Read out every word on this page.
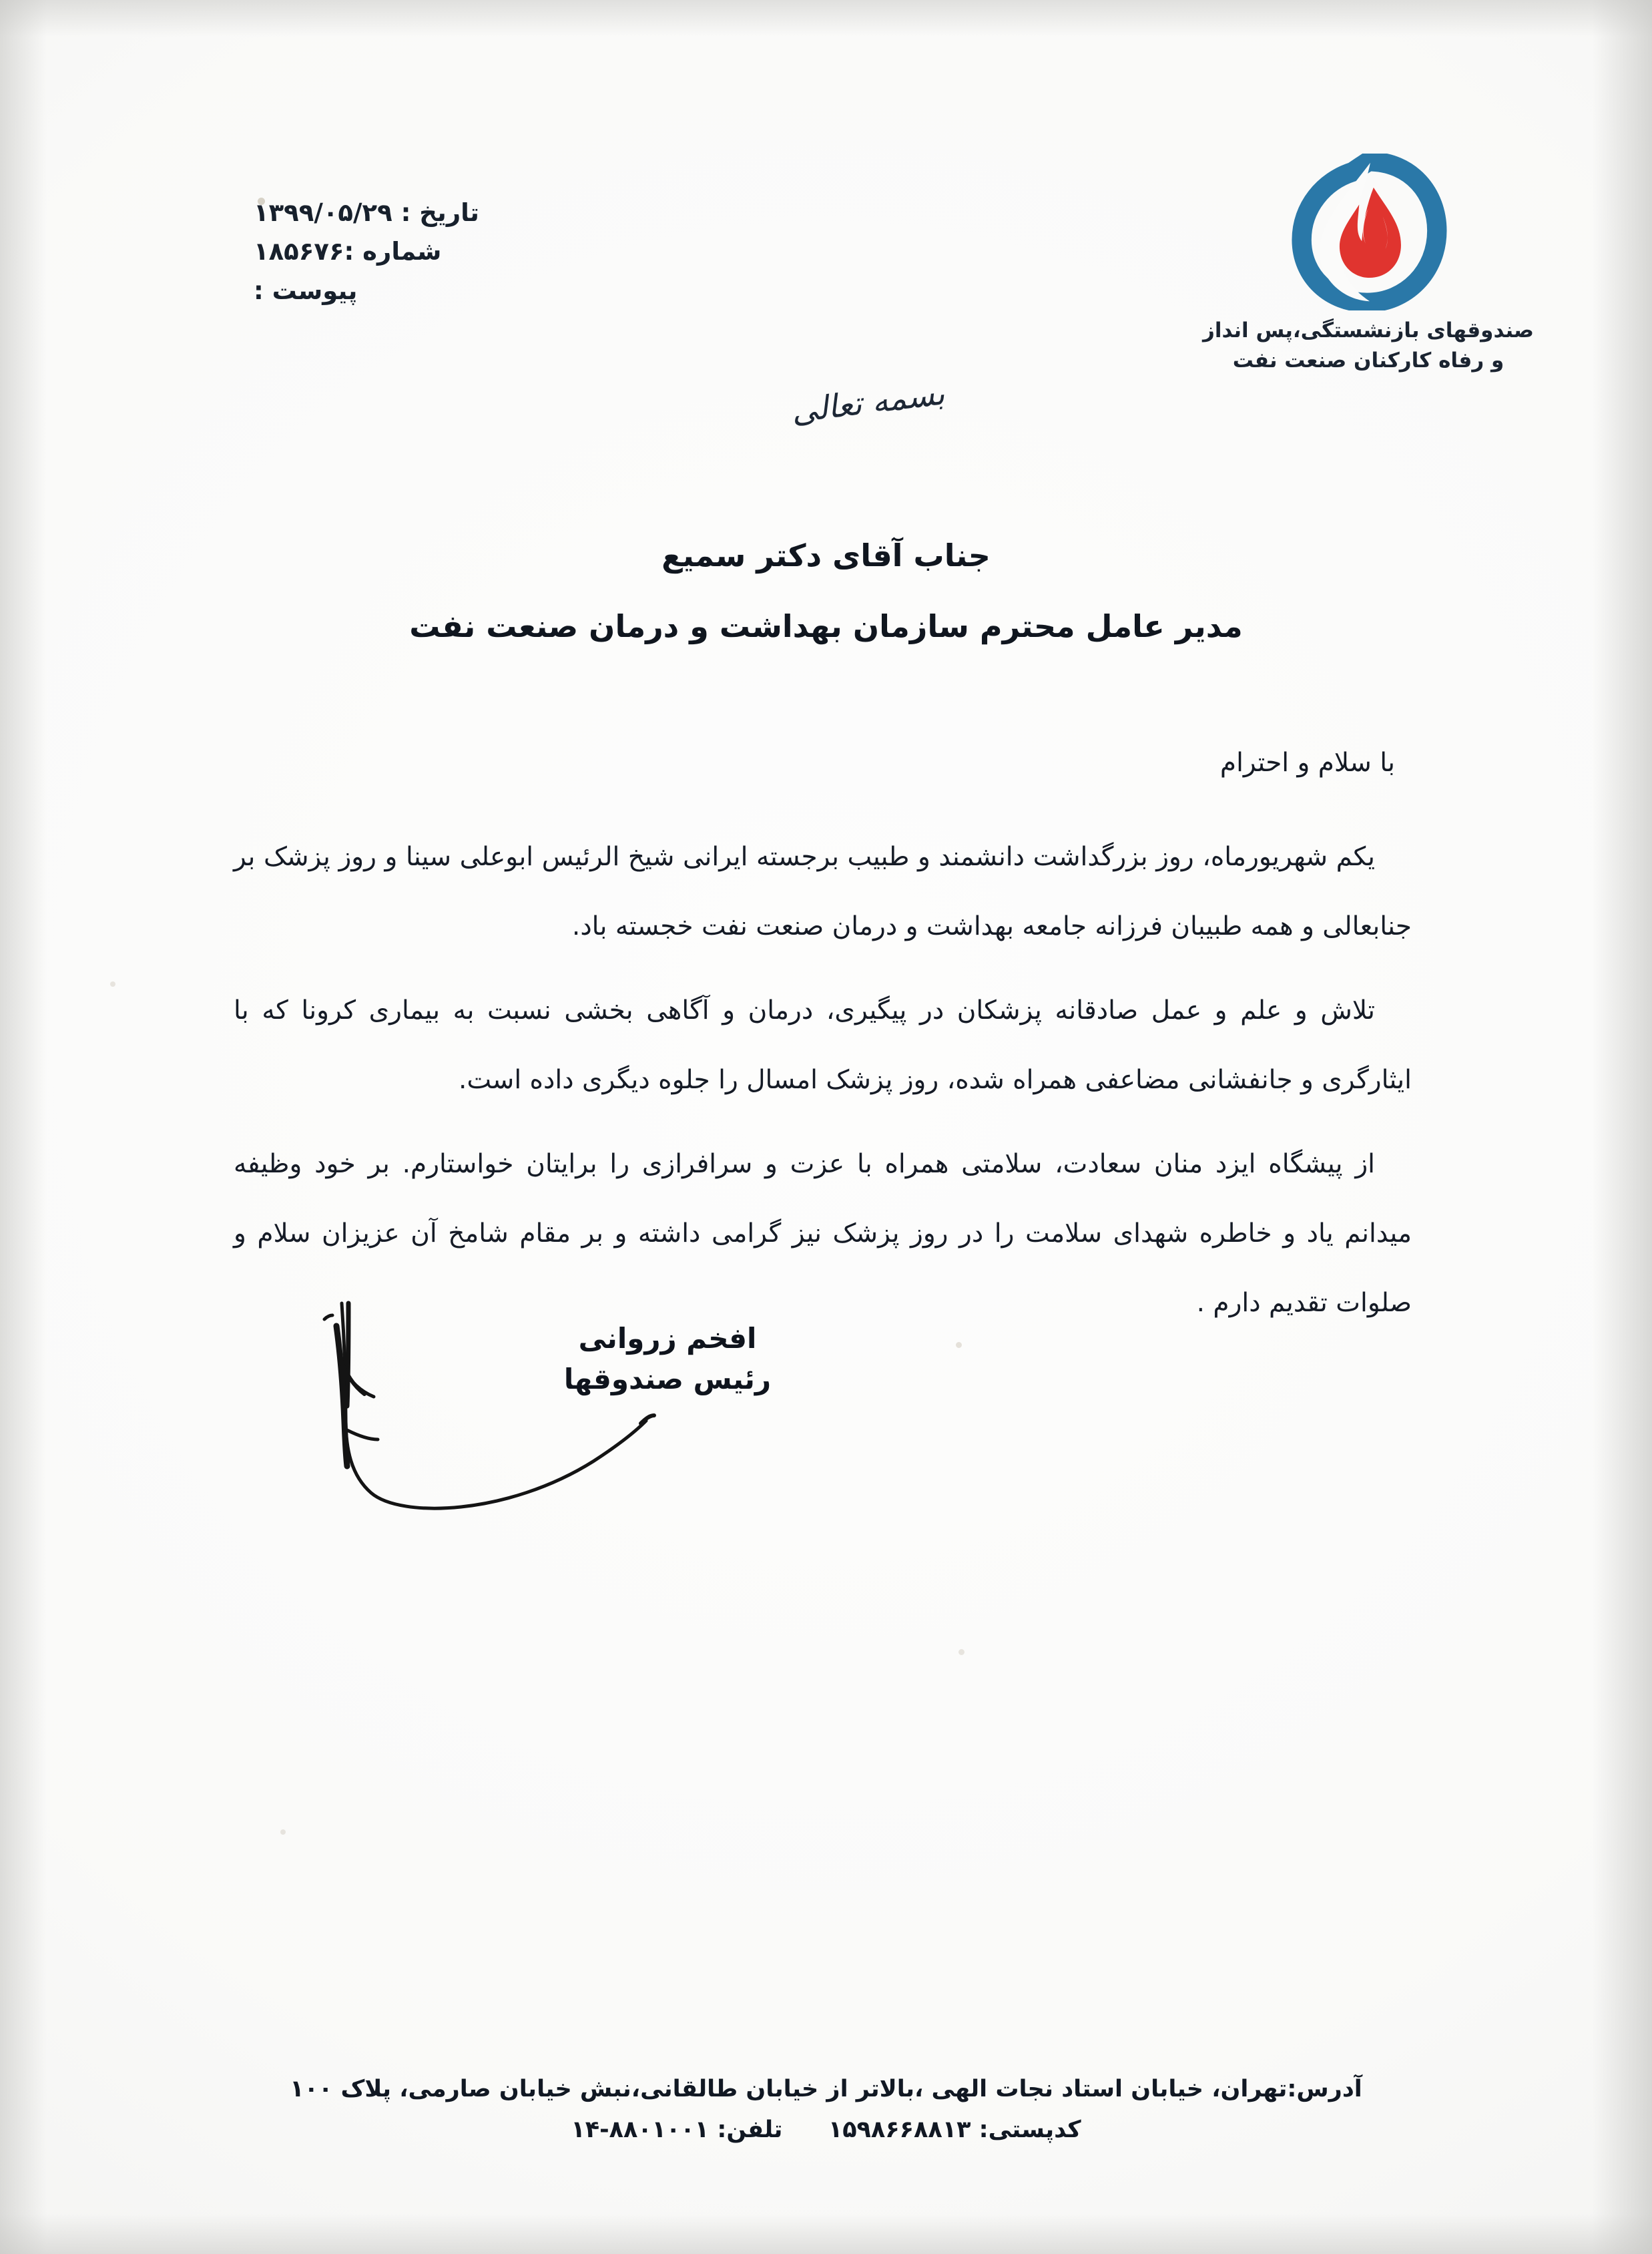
تاریخ : ۱۳۹۹/۰۵/۲۹
شماره :۱۸۵۶۷۶
پیوست :
صندوقهای بازنشستگی،پس انداز
و رفاه کارکنان صنعت نفت
بسمه تعالی
جناب آقای دکتر سمیع
مدیر عامل محترم سازمان بهداشت و درمان صنعت نفت
با سلام و احترام

یکم شهریورماه، روز بزرگداشت دانشمند و طبیب برجسته ایرانی شیخ الرئیس ابوعلی سینا و روز پزشک بر جنابعالی و همه طبیبان فرزانه جامعه بهداشت و درمان صنعت نفت خجسته باد.

تلاش و علم و عمل صادقانه پزشکان در پیگیری، درمان و آگاهی بخشی نسبت به بیماری کرونا که با ایثارگری و جانفشانی مضاعفی همراه شده، روز پزشک امسال را جلوه دیگری داده است.

از پیشگاه ایزد منان سعادت، سلامتی همراه با عزت و سرافرازی را برایتان خواستارم. بر خود وظیفه میدانم یاد و خاطره شهدای سلامت را در روز پزشک نیز گرامی داشته و بر مقام شامخ آن عزیزان سلام و صلوات تقدیم دارم .

افخم زروانی
رئیس صندوقها
آدرس:تهران، خیابان استاد نجات الهی ،بالاتر از خیابان طالقانی،نبش خیابان صارمی، پلاک ۱۰۰
کدپستی: ۱۵۹۸۶۶۸۸۱۳  تلفن: ۸۸۰۱۰۰۱-۱۴
